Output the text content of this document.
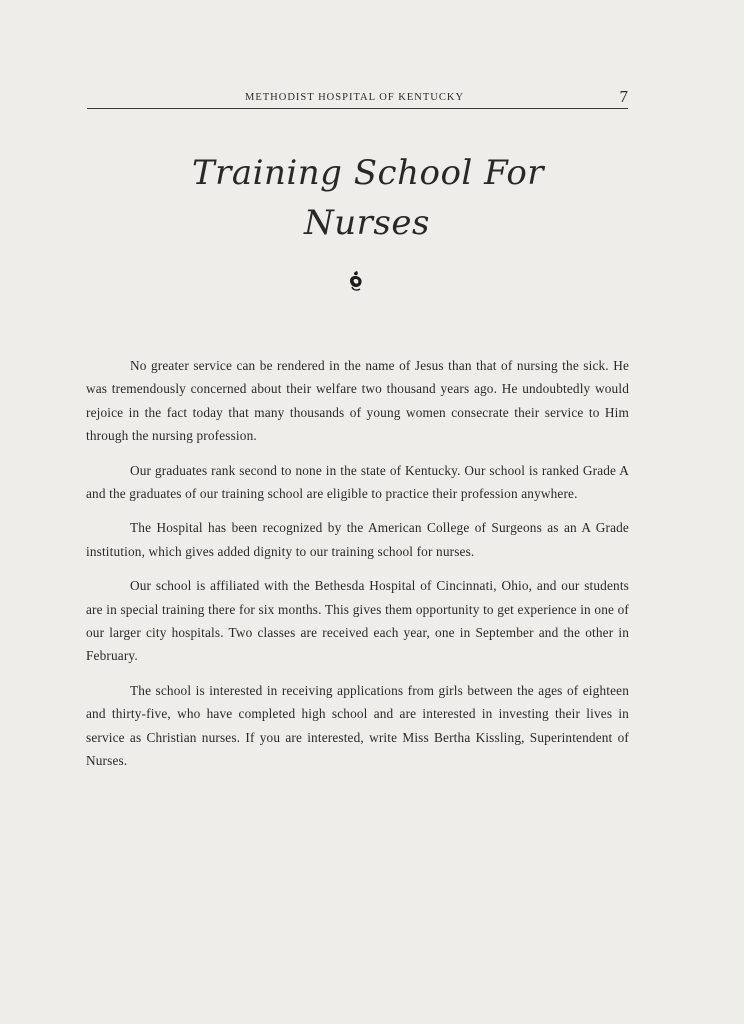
METHODIST HOSPITAL OF KENTUCKY	7
Training School For
Nurses

No greater service can be rendered in the name of Jesus than that of nursing the sick. He was tremendously concerned about their welfare two thousand years ago. He undoubtedly would rejoice in the fact today that many thousands of young women consecrate their service to Him through the nursing profession.

Our graduates rank second to none in the state of Kentucky. Our school is ranked Grade A and the graduates of our training school are eligible to practice their profession anywhere.

The Hospital has been recognized by the American College of Surgeons as an A Grade institution, which gives added dignity to our training school for nurses.

Our school is affiliated with the Bethesda Hospital of Cincinnati, Ohio, and our students are in special training there for six months. This gives them opportunity to get experience in one of our larger city hospitals. Two classes are received each year, one in September and the other in February.

The school is interested in receiving applications from girls between the ages of eighteen and thirty-five, who have completed high school and are interested in investing their lives in service as Christian nurses. If you are interested, write Miss Bertha Kissling, Superintendent of Nurses.
